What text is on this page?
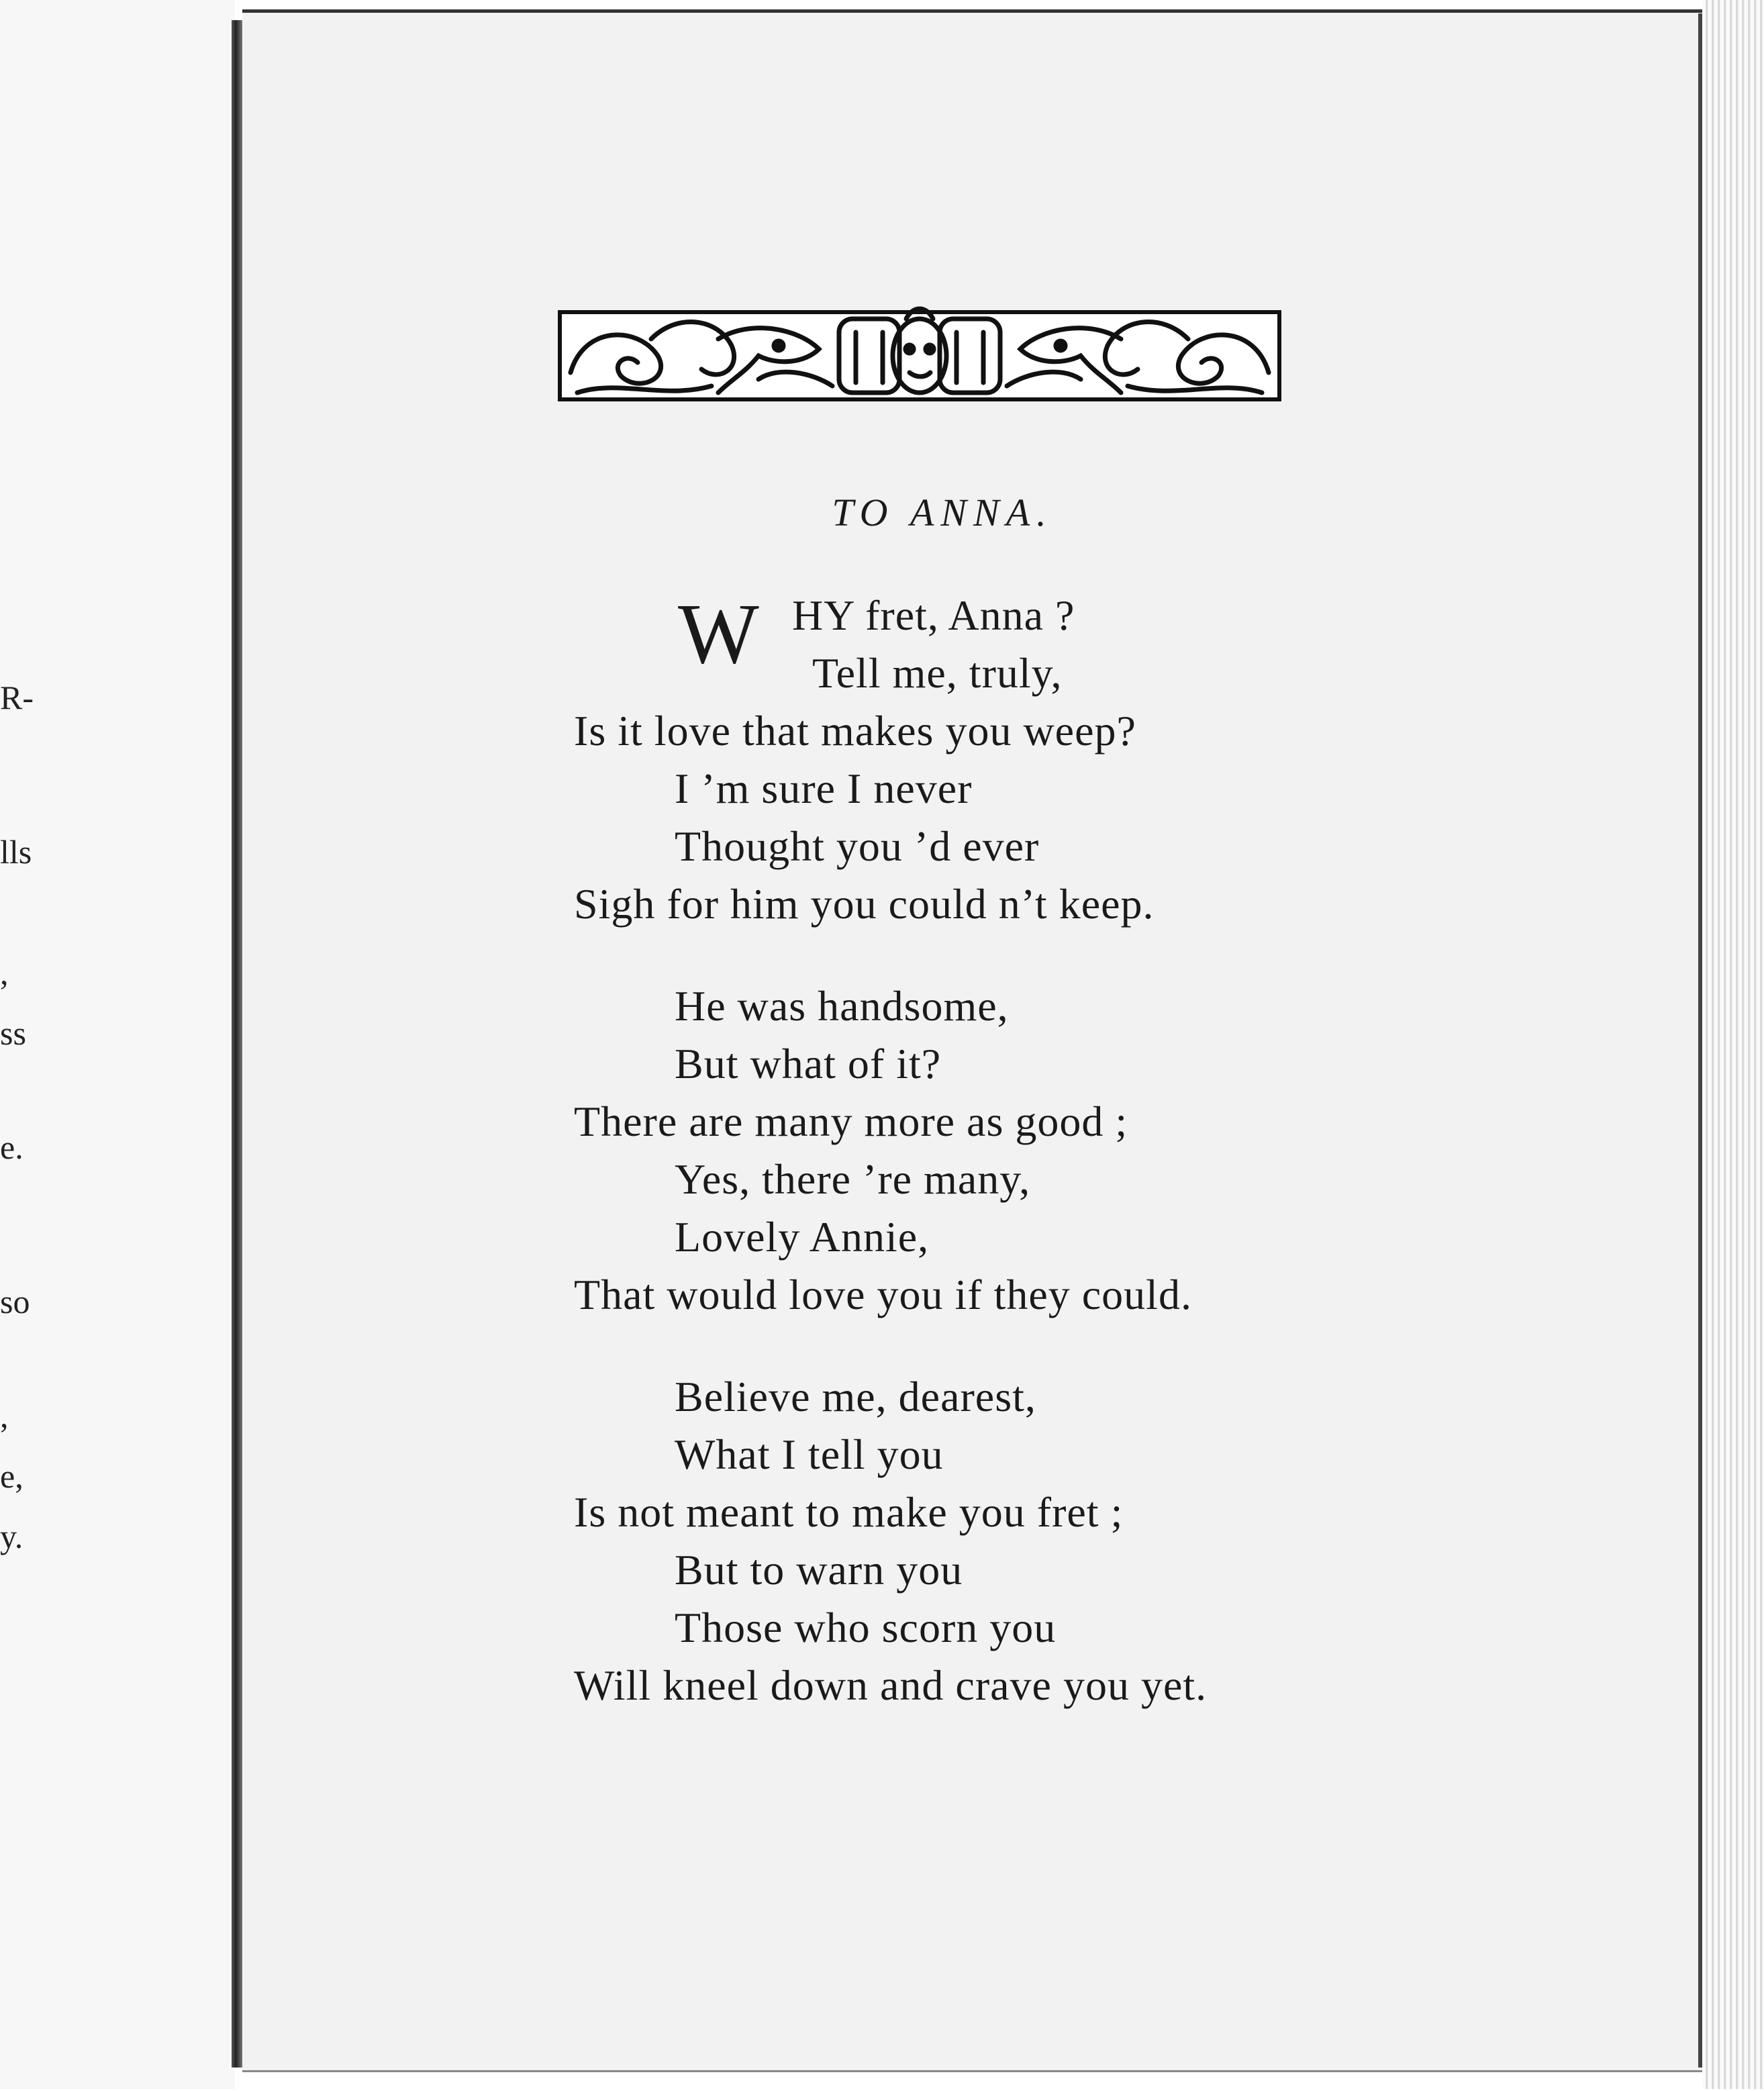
R-
lls
,
ss
e.
so
,
e,
y.
TO ANNA.
W HY fret, Anna ?
Tell me, truly,
Is it love that makes you weep?
I ’m sure I never
Thought you ’d ever
Sigh for him you could n’t keep.
He was handsome,
But what of it?
There are many more as good ;
Yes, there ’re many,
Lovely Annie,
That would love you if they could.
Believe me, dearest,
What I tell you
Is not meant to make you fret ;
But to warn you
Those who scorn you
Will kneel down and crave you yet.
